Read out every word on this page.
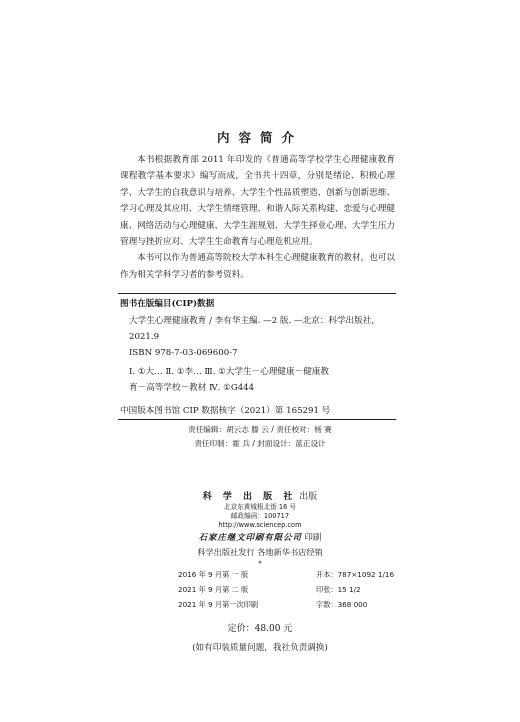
内容简介

本书根据教育部 2011 年印发的《普通高等学校学生心理健康教育课程教学基本要求》编写而成，全书共十四章，分别是绪论、积极心理学、大学生的自我意识与培养、大学生个性品质塑造、创新与创新思维、学习心理及其应用、大学生情绪管理、和谐人际关系构建、恋爱与心理健康、网络活动与心理健康、大学生涯规划、大学生择业心理、大学生压力管理与挫折应对、大学生生命教育与心理危机应用。

本书可以作为普通高等院校大学本科生心理健康教育的教材，也可以作为相关学科学习者的参考资料。

图书在版编目(CIP)数据
大学生心理健康教育 / 李有华主编. —2 版. —北京：科学出版社，
2021.9
ISBN 978-7-03-069600-7
Ⅰ. ①大… Ⅱ. ①李… Ⅲ. ①大学生－心理健康－健康教
育－高等学校－教材 Ⅳ. ①G444
中国版本图书馆 CIP 数据核字（2021）第 165291 号
责任编辑：胡云志 滕 云 / 责任校对：杨 赛
责任印制：霍 兵 / 封面设计：蓝正设计
科 学 出 版 社 出版
北京东黄城根北街 16 号
邮政编码：100717
http://www.sciencep.com
石家庄继文印刷有限公司 印刷
科学出版社发行 各地新华书店经销
*
2016 年 9 月第 一 版	开本：787×1092 1/16
2021 年 9 月第 二 版	印张：15 1/2
2021 年 9 月第一次印刷	字数：368 000
定价：48.00 元
(如有印装质量问题，我社负责调换)
